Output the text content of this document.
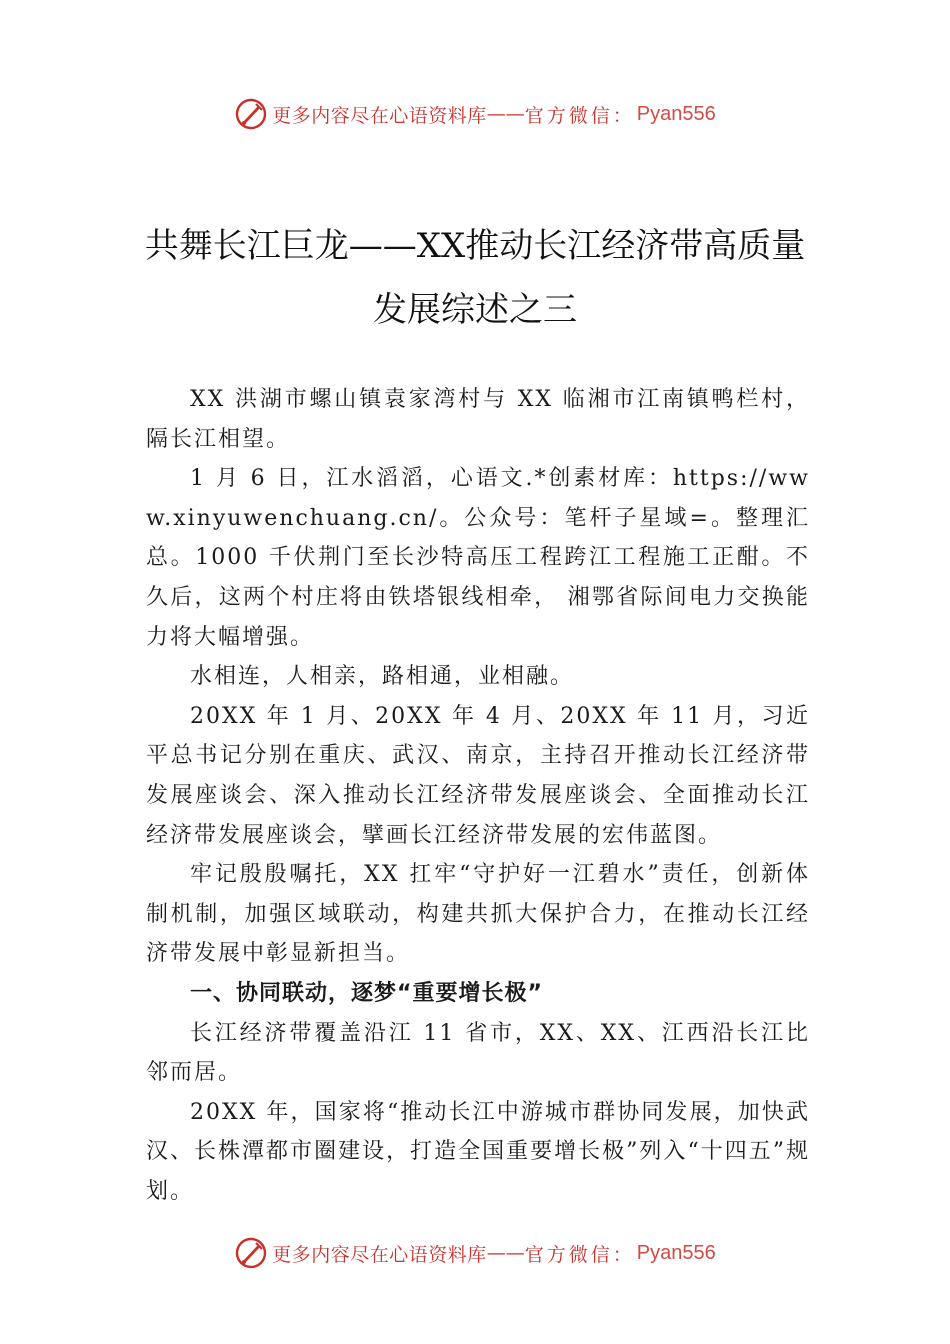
更多内容尽在心语资料库 —— 官方微信： Pyan556
共舞长江巨龙——XX推动长江经济带高质量发展综述之三

XX 洪湖市螺山镇袁家湾村与 XX 临湘市江南镇鸭栏村，隔长江相望。

1 月 6 日，江水滔滔，心语文.*创素材库：https://www.xinyuwenchuang.cn/。公众号：笔杆子星域=。整理汇总。1000 千伏荆门至长沙特高压工程跨江工程施工正酣。不久后，这两个村庄将由铁塔银线相牵， 湘鄂省际间电力交换能力将大幅增强。

水相连，人相亲，路相通，业相融。

20XX 年 1 月、20XX 年 4 月、20XX 年 11 月，习近平总书记分别在重庆、武汉、南京，主持召开推动长江经济带发展座谈会、深入推动长江经济带发展座谈会、全面推动长江经济带发展座谈会，擘画长江经济带发展的宏伟蓝图。

牢记殷殷嘱托，XX 扛牢“守护好一江碧水”责任，创新体制机制，加强区域联动，构建共抓大保护合力，在推动长江经济带发展中彰显新担当。

一、协同联动，逐梦“重要增长极”

长江经济带覆盖沿江 11 省市，XX、XX、江西沿长江比邻而居。

20XX 年，国家将“推动长江中游城市群协同发展，加快武汉、长株潭都市圈建设，打造全国重要增长极”列入“十四五”规划。

更多内容尽在心语资料库 —— 官方微信： Pyan556
